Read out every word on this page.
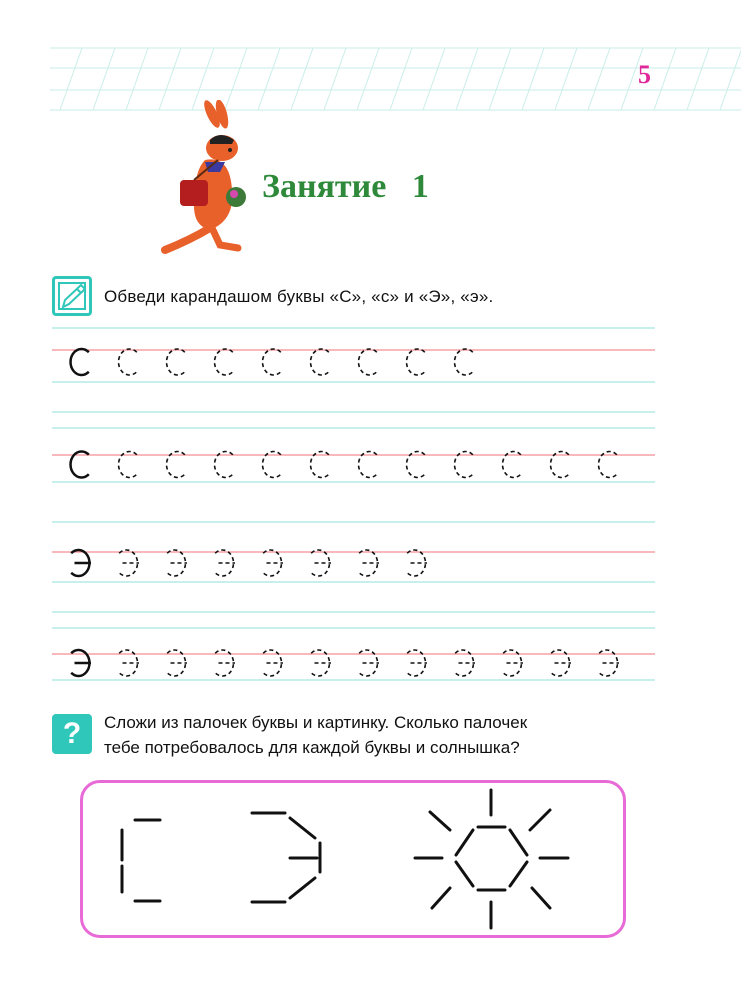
5
Занятие   1
Обведи карандашом буквы «С», «с» и «Э», «э».
?	Сложи из палочек буквы и картинку. Сколько палочек
тебе потребовалось для каждой буквы и солнышка?
